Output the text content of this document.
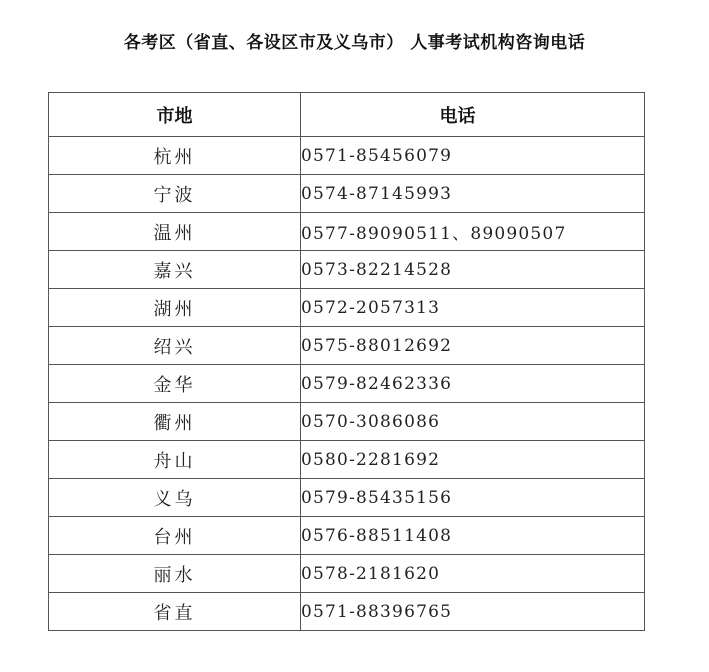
各考区（省直、各设区市及义乌市） 人事考试机构咨询电话
市地	电话
杭州	0571-85456079
宁波	0574-87145993
温州	0577-89090511、89090507
嘉兴	0573-82214528
湖州	0572-2057313
绍兴	0575-88012692
金华	0579-82462336
衢州	0570-3086086
舟山	0580-2281692
义乌	0579-85435156
台州	0576-88511408
丽水	0578-2181620
省直	0571-88396765
